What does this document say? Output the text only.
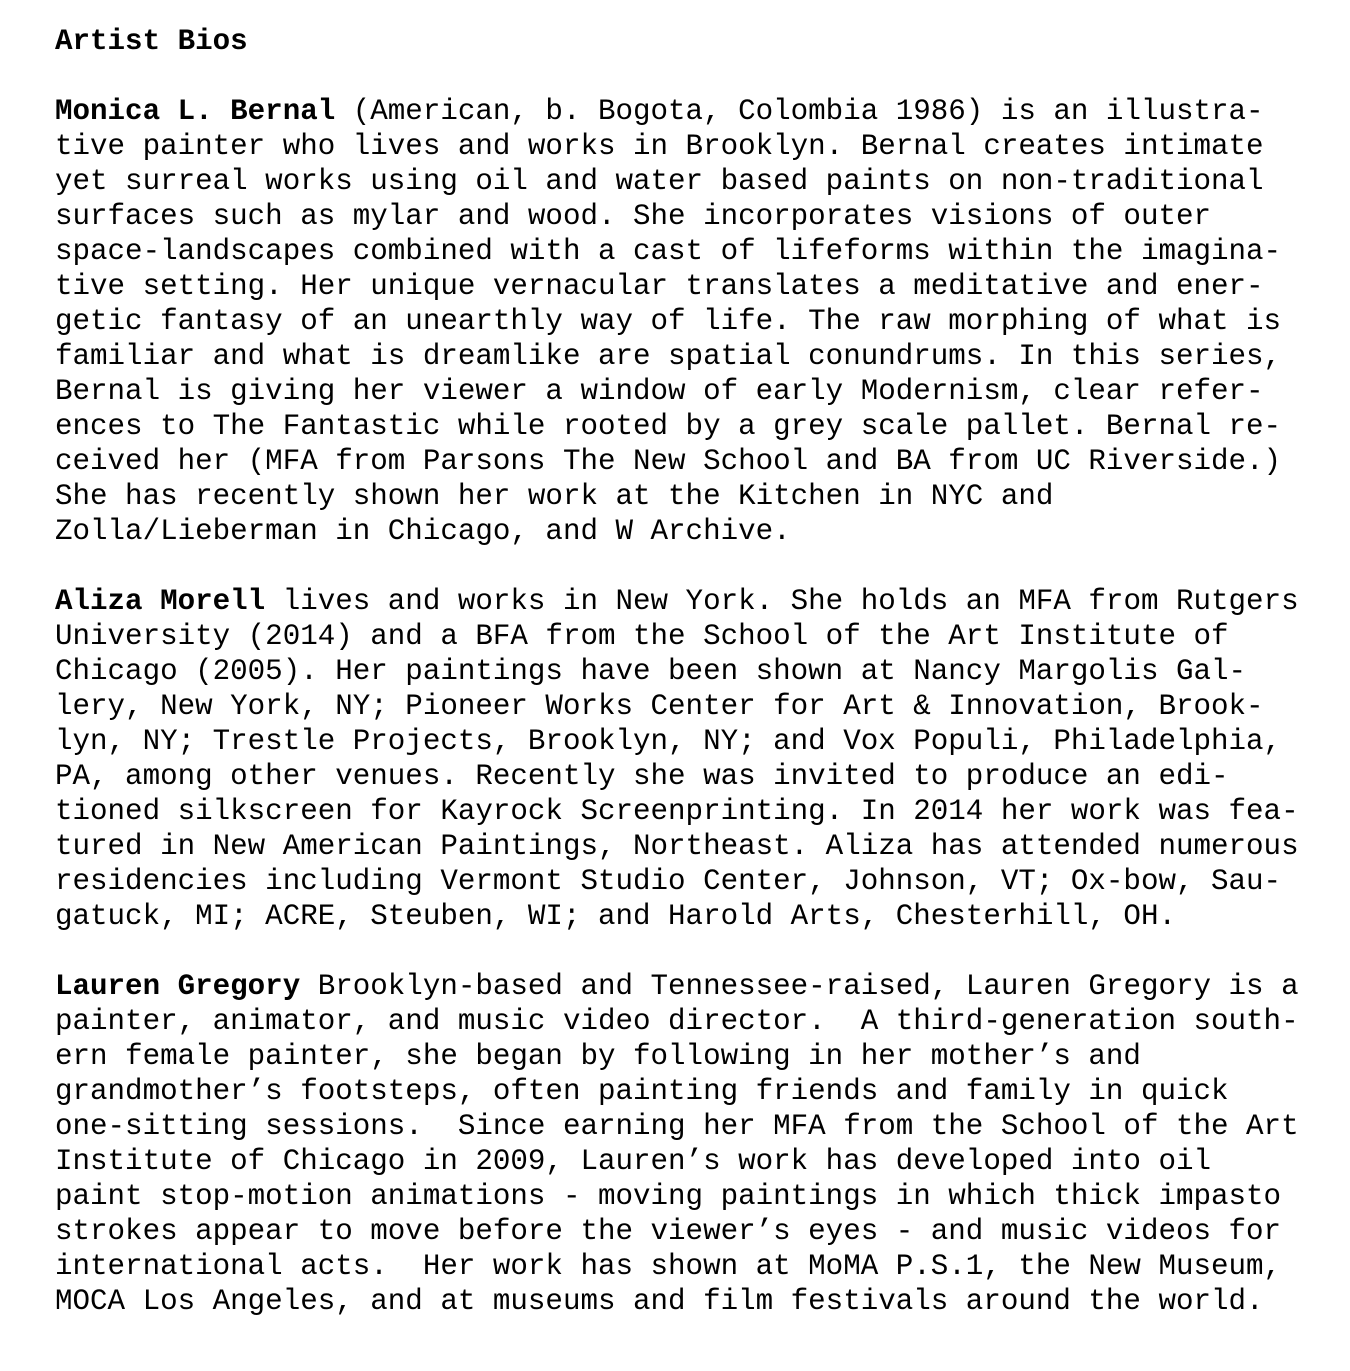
Artist Bios
Monica L. Bernal (American, b. Bogota, Colombia 1986) is an illustra-
tive painter who lives and works in Brooklyn. Bernal creates intimate
yet surreal works using oil and water based paints on non-traditional
surfaces such as mylar and wood. She incorporates visions of outer
space-landscapes combined with a cast of lifeforms within the imagina-
tive setting. Her unique vernacular translates a meditative and ener-
getic fantasy of an unearthly way of life. The raw morphing of what is
familiar and what is dreamlike are spatial conundrums. In this series,
Bernal is giving her viewer a window of early Modernism, clear refer-
ences to The Fantastic while rooted by a grey scale pallet. Bernal re-
ceived her (MFA from Parsons The New School and BA from UC Riverside.)
She has recently shown her work at the Kitchen in NYC and
Zolla/Lieberman in Chicago, and W Archive.
Aliza Morell lives and works in New York. She holds an MFA from Rutgers
University (2014) and a BFA from the School of the Art Institute of
Chicago (2005). Her paintings have been shown at Nancy Margolis Gal-
lery, New York, NY; Pioneer Works Center for Art & Innovation, Brook-
lyn, NY; Trestle Projects, Brooklyn, NY; and Vox Populi, Philadelphia,
PA, among other venues. Recently she was invited to produce an edi-
tioned silkscreen for Kayrock Screenprinting. In 2014 her work was fea-
tured in New American Paintings, Northeast. Aliza has attended numerous
residencies including Vermont Studio Center, Johnson, VT; Ox-bow, Sau-
gatuck, MI; ACRE, Steuben, WI; and Harold Arts, Chesterhill, OH.
Lauren Gregory Brooklyn-based and Tennessee-raised, Lauren Gregory is a
painter, animator, and music video director.  A third-generation south-
ern female painter, she began by following in her mother’s and
grandmother’s footsteps, often painting friends and family in quick
one-sitting sessions.  Since earning her MFA from the School of the Art
Institute of Chicago in 2009, Lauren’s work has developed into oil
paint stop-motion animations - moving paintings in which thick impasto
strokes appear to move before the viewer’s eyes - and music videos for
international acts.  Her work has shown at MoMA P.S.1, the New Museum,
MOCA Los Angeles, and at museums and film festivals around the world.
